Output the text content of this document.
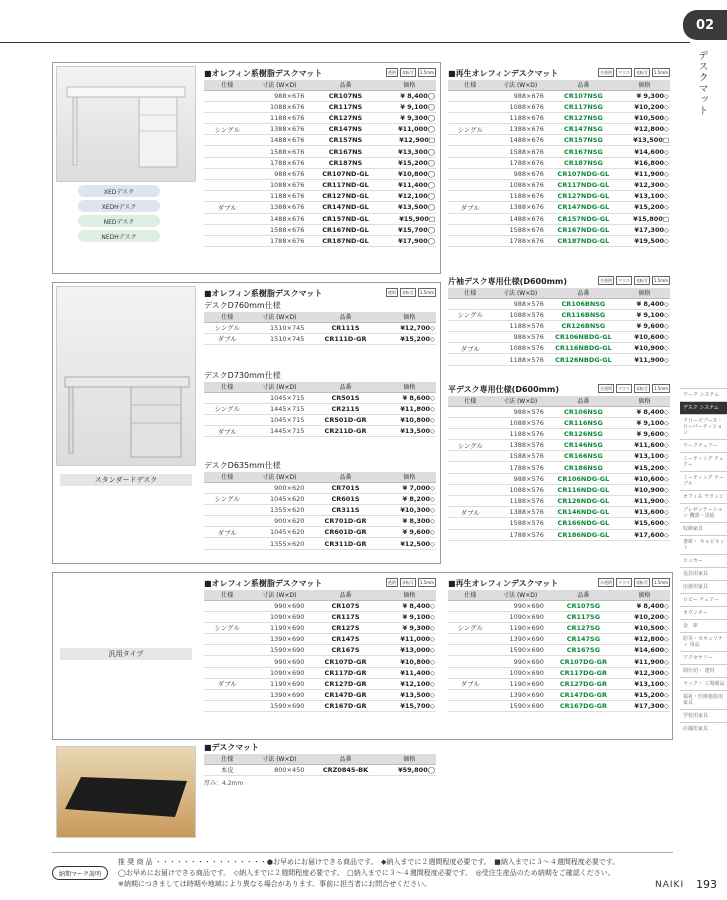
02
デスクマット
ワーク システム
デスク システム
クローズブース・ ローパーティション
ワークチェアー
ミーティング チェアー
ミーティング テーブル
オフィス ラウンジ
プレゼンテーション 機器・黒板
収納家具
書庫・ キャビネット
ロッカー
役員用家具
応接用家具
ロビー チェアー
カウンター
金　庫
防災・セキュリティ 用品
アクセサリー
間仕切・ 建材
ラック・ 工場備品
福祉・医療施設用 家具
学校用家具
店舗用家具
XEDデスク
XEDHデスク
NEDデスク
NEDHデスク
スタンダードデスク
汎用タイプ
■オレフィン系樹脂デスクマット
仕様	寸法 (W×D)	品番	価格
	988×676	CR107NS	¥ 8,400◯
	1088×676	CR117NS	¥ 9,100◯
	1188×676	CR127NS	¥ 9,300◯
シングル	1388×676	CR147NS	¥11,000◯
	1488×676	CR157NS	¥12,900□
	1588×676	CR167NS	¥13,300◯
	1788×676	CR187NS	¥15,200◯
	988×676	CR107ND-GL	¥10,800◯
	1088×676	CR117ND-GL	¥11,400◯
	1188×676	CR127ND-GL	¥12,100◯
ダブル	1388×676	CR147ND-GL	¥13,500◯
	1488×676	CR157ND-GL	¥15,900□
	1588×676	CR167ND-GL	¥15,700◯
	1788×676	CR187ND-GL	¥17,900◯
透明	非転写	1.5mm ■再生オレフィンデスクマット
仕様	寸法 (W×D)	品番	価格
	988×676	CR107NSG	¥ 9,300◇
	1088×676	CR117NSG	¥10,200◇
	1188×676	CR127NSG	¥10,500◇
シングル	1388×676	CR147NSG	¥12,800◇
	1488×676	CR157NSG	¥13,500□
	1588×676	CR167NSG	¥14,600◇
	1788×676	CR187NSG	¥16,800◇
	988×676	CR107NDG-GL	¥11,900◇
	1088×676	CR117NDG-GL	¥12,300◇
	1188×676	CR127NDG-GL	¥13,100◇
ダブル	1388×676	CR147NDG-GL	¥15,200◇
	1488×676	CR157NDG-GL	¥15,800□
	1588×676	CR167NDG-GL	¥17,300◇
	1788×676	CR187NDG-GL	¥19,500◇
半透明	マウス	非転写	1.5mm
■オレフィン系樹脂デスクマット
デスクD760mm仕様
仕様	寸法 (W×D)	品番	価格
シングル	1510×745	CR111S	¥12,700◇
ダブル	1510×745	CR111D-GR	¥15,200◇
透明	非転写	1.5mm
デスクD730mm仕様
仕様	寸法 (W×D)	品番	価格
	1045×715	CR501S	¥ 8,600◇
シングル	1445×715	CR211S	¥11,800◇
	1045×715	CR501D-GR	¥10,800◇
ダブル	1445×715	CR211D-GR	¥13,500◇
デスクD635mm仕様
仕様	寸法 (W×D)	品番	価格
	900×620	CR701S	¥ 7,000◇
シングル	1045×620	CR601S	¥ 8,200◇
	1355×620	CR311S	¥10,300◇
	900×620	CR701D-GR	¥ 8,300◇
ダブル	1045×620	CR601D-GR	¥ 9,600◇
	1355×620	CR311D-GR	¥12,500◇
片袖デスク専用仕様(D600mm)
仕様	寸法 (W×D)	品番	価格
	988×576	CR106BNSG	¥ 8,400◇
シングル	1088×576	CR116BNSG	¥ 9,100◇
	1188×576	CR126BNSG	¥ 9,600◇
	988×576	CR106NBDG-GL	¥10,600◇
ダブル	1088×576	CR116NBDG-GL	¥10,900◇
	1188×576	CR126NBDG-GL	¥11,900◇
半透明	マウス	非転写	1.5mm
平デスク専用仕様(D600mm)
仕様	寸法 (W×D)	品番	価格
	988×576	CR106NSG	¥ 8,400◇
	1088×576	CR116NSG	¥ 9,100◇
	1188×576	CR126NSG	¥ 9,600◇
シングル	1388×576	CR146NSG	¥11,600◇
	1588×576	CR166NSG	¥13,100◇
	1788×576	CR186NSG	¥15,200◇
	988×576	CR106NDG-GL	¥10,600◇
	1088×576	CR116NDG-GL	¥10,900◇
	1188×576	CR126NDG-GL	¥11,900◇
ダブル	1388×576	CR146NDG-GL	¥13,600◇
	1588×576	CR166NDG-GL	¥15,600◇
	1788×576	CR186NDG-GL	¥17,600◇
半透明	マウス	非転写	1.5mm
■オレフィン系樹脂デスクマット
仕様	寸法 (W×D)	品番	価格
	990×690	CR107S	¥ 8,400◇
	1090×690	CR117S	¥ 9,100◇
シングル	1190×690	CR127S	¥ 9,300◇
	1390×690	CR147S	¥11,000◇
	1590×690	CR167S	¥13,000◇
	990×690	CR107D-GR	¥10,800◇
	1090×690	CR117D-GR	¥11,400◇
ダブル	1190×690	CR127D-GR	¥12,100◇
	1390×690	CR147D-GR	¥13,500◇
	1590×690	CR167D-GR	¥15,700◇
透明	非転写	1.5mm ■再生オレフィンデスクマット
仕様	寸法 (W×D)	品番	価格
	990×690	CR107SG	¥ 8,400◇
	1090×690	CR117SG	¥10,200◇
シングル	1190×690	CR127SG	¥10,500◇
	1390×690	CR147SG	¥12,800◇
	1590×690	CR167SG	¥14,600◇
	990×690	CR107DG-GR	¥11,900◇
	1090×690	CR117DG-GR	¥12,300◇
ダブル	1190×690	CR127DG-GR	¥13,100◇
	1390×690	CR147DG-GR	¥15,200◇
	1590×690	CR167DG-GR	¥17,300◇
半透明	マウス	非転写	1.5mm
■デスクマット
仕様	寸法 (W×D)	品番	価格
本皮	800×450	CRZ0845-BK	¥59,800◯
厚み：4.2mm
納期マーク説明
推 奨 商 品 ・・・・・・・・・・・・・・・・●お早めにお届けできる商品です。　◆納入までに２週間程度必要です。　■納入までに３～４週間程度必要です。
◯お早めにお届けできる商品です。　◇納入までに２週間程度必要です。　□納入までに３～４週間程度必要です。　◎受注生産品のため納期をご確認ください。
※納期につきましては時期や地域により異なる場合があります。事前に担当者にお問合せください。	NAIKI 193
